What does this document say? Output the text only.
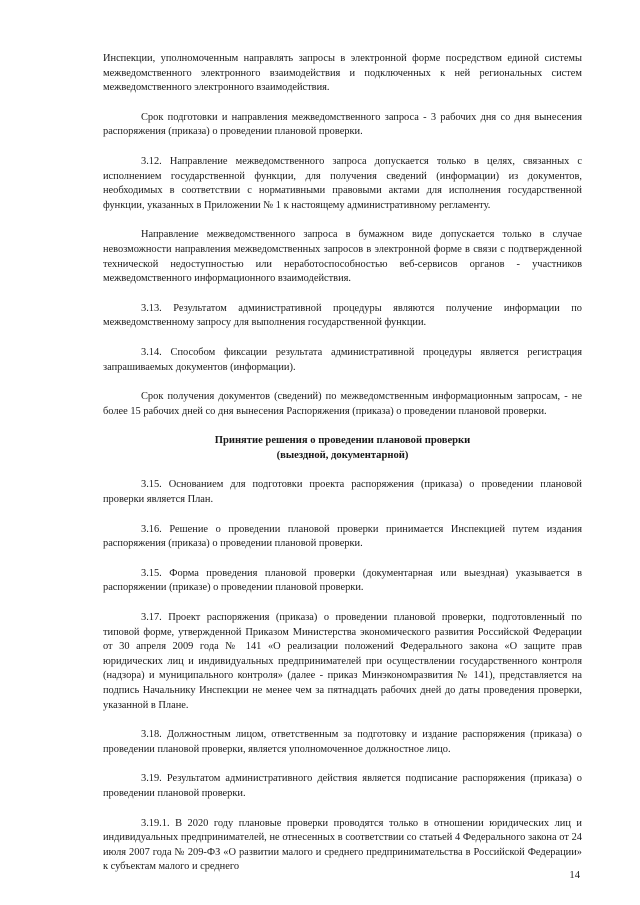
Инспекции, уполномоченным направлять запросы в электронной форме посредством единой системы межведомственного электронного взаимодействия и подключенных к ней региональных систем межведомственного электронного взаимодействия.

Срок подготовки и направления межведомственного запроса - 3 рабочих дня со дня вынесения распоряжения (приказа) о проведении плановой проверки.

3.12. Направление межведомственного запроса допускается только в целях, связанных с исполнением государственной функции, для получения сведений (информации) из документов, необходимых в соответствии с нормативными правовыми актами для исполнения государственной функции, указанных в Приложении № 1 к настоящему административному регламенту.

Направление межведомственного запроса в бумажном виде допускается только в случае невозможности направления межведомственных запросов в электронной форме в связи с подтвержденной технической недоступностью или неработоспособностью веб-сервисов органов - участников межведомственного информационного взаимодействия.

3.13. Результатом административной процедуры являются получение информации по межведомственному запросу для выполнения государственной функции.

3.14. Способом фиксации результата административной процедуры является регистрация запрашиваемых документов (информации).

Срок получения документов (сведений) по межведомственным информационным запросам, - не более 15 рабочих дней со дня вынесения Распоряжения (приказа) о проведении плановой проверки.

Принятие решения о проведении плановой проверки

(выездной, документарной)

3.15. Основанием для подготовки проекта распоряжения (приказа) о проведении плановой проверки является План.

3.16. Решение о проведении плановой проверки принимается Инспекцией путем издания распоряжения (приказа) о проведении плановой проверки.

3.15. Форма проведения плановой проверки (документарная или выездная) указывается в распоряжении (приказе) о проведении плановой проверки.

3.17. Проект распоряжения (приказа) о проведении плановой проверки, подготовленный по типовой форме, утвержденной Приказом Министерства экономического развития Российской Федерации от 30 апреля 2009 года № 141 «О реализации положений Федерального закона «О защите прав юридических лиц и индивидуальных предпринимателей при осуществлении государственного контроля (надзора) и муниципального контроля» (далее - приказ Минэкономразвития № 141), представляется на подпись Начальнику Инспекции не менее чем за пятнадцать рабочих дней до даты проведения проверки, указанной в Плане.

3.18. Должностным лицом, ответственным за подготовку и издание распоряжения (приказа) о проведении плановой проверки, является уполномоченное должностное лицо.

3.19. Результатом административного действия является подписание распоряжения (приказа) о проведении плановой проверки.

3.19.1. В 2020 году плановые проверки проводятся только в отношении юридических лиц и индивидуальных предпринимателей, не отнесенных в соответствии со статьей 4 Федерального закона от 24 июля 2007 года № 209-ФЗ «О развитии малого и среднего предпринимательства в Российской Федерации» к субъектам малого и среднего

14
